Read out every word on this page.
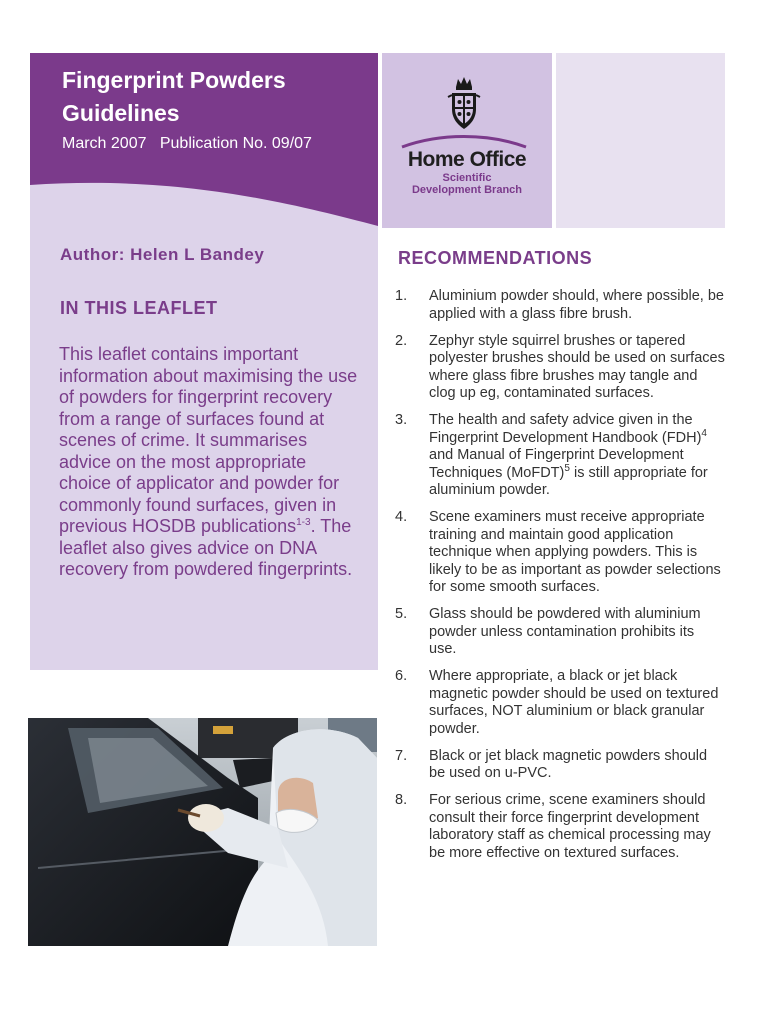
Fingerprint Powders
Guidelines
March 2007 Publication No. 09/07
Home Office
Scientific
Development Branch
Author: Helen L Bandey
IN THIS LEAFLET
This leaflet contains important information about maximising the use of powders for fingerprint recovery from a range of surfaces found at scenes of crime. It summarises advice on the most appropriate choice of applicator and powder for commonly found surfaces, given in previous HOSDB publications$^{1-3}$. The leaflet also gives advice on DNA recovery from powdered fingerprints.
RECOMMENDATIONS
1.	Aluminium powder should, where possible, be applied with a glass fibre brush.
2.	Zephyr style squirrel brushes or tapered polyester brushes should be used on surfaces where glass fibre brushes may tangle and clog up eg, contaminated surfaces.
3.	The health and safety advice given in the Fingerprint Development Handbook (FDH)$^4$ and Manual of Fingerprint Development Techniques (MoFDT)$^5$ is still appropriate for aluminium powder.
4.	Scene examiners must receive appropriate training and maintain good application technique when applying powders. This is likely to be as important as powder selections for some smooth surfaces.
5.	Glass should be powdered with aluminium powder unless contamination prohibits its use.
6.	Where appropriate, a black or jet black magnetic powder should be used on textured surfaces, NOT aluminium or black granular powder.
7.	Black or jet black magnetic powders should be used on u-PVC.
8.	For serious crime, scene examiners should consult their force fingerprint development laboratory staff as chemical processing may be more effective on textured surfaces.
